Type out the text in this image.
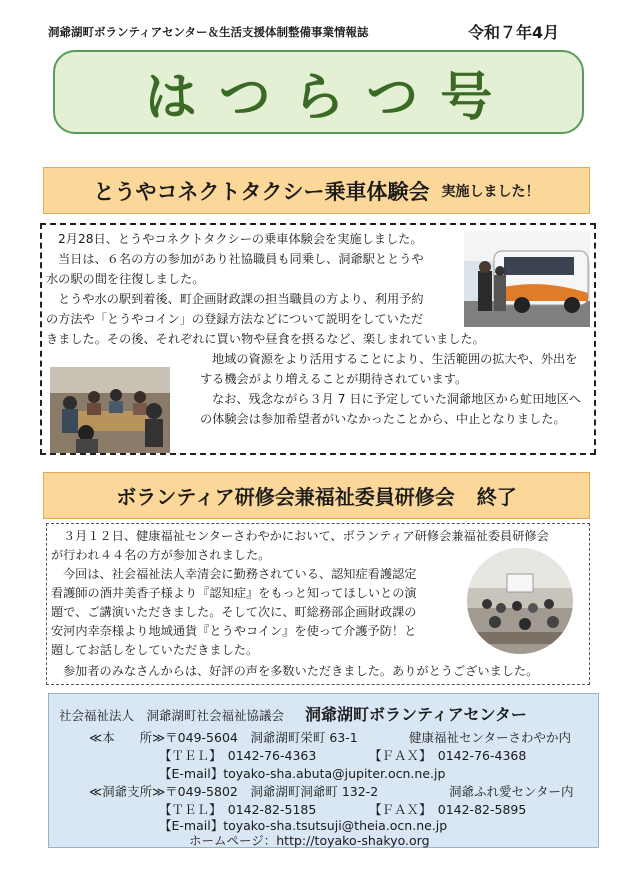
洞爺湖町ボランティアセンター＆生活支援体制整備事業情報誌	令和７年4月
はつらつ号
とうやコネクトタクシー乗車体験会 実施しました！
2月28日、とうやコネクトタクシーの乗車体験会を実施しました。
当日は、６名の方の参加があり社協職員も同乗し、洞爺駅ととうや
水の駅の間を往復しました。
とうや水の駅到着後、町企画財政課の担当職員の方より、利用予約
の方法や「とうやコイン」の登録方法などについて説明をしていただ
きました。その後、それぞれに買い物や昼食を摂るなど、楽しまれていました。
地域の資源をより活用することにより、生活範囲の拡大や、外出を
する機会がより増えることが期待されています。
なお、残念ながら３月 7 日に予定していた洞爺地区から虻田地区へ
の体験会は参加希望者がいなかったことから、中止となりました。
ボランティア研修会兼福祉委員研修会 終了
３月１２日、健康福祉センターさわやかにおいて、ボランティア研修会兼福祉委員研修会
が行われ４４名の方が参加されました。
今回は、社会福祉法人幸清会に勤務されている、認知症看護認定
看護師の酒井美香子様より『認知症』をもっと知ってほしいとの演
題で、ご講演いただきました。そして次に、町総務部企画財政課の
安河内幸奈様より地域通貨『とうやコイン』を使って介護予防！と
題してお話しをしていただきました。
参加者のみなさんからは、好評の声を多数いただきました。ありがとうございました。
社会福祉法人　洞爺湖町社会福祉協議会 洞爺湖町ボランティアセンター
≪本　　所≫〒049-5604　洞爺湖町栄町 63-1	健康福祉センターさわやか内
【ＴＥＬ】　0142-76-4363	【ＦＡＸ】　0142-76-4368
【E-mail】toyako-sha.abuta@jupiter.ocn.ne.jp
≪洞爺支所≫〒049-5802　洞爺湖町洞爺町 132-2	洞爺ふれ愛センター内
【ＴＥＬ】　0142-82-5185	【ＦＡＸ】　0142-82-5895
【E-mail】toyako-sha.tsutsuji@theia.ocn.ne.jp
ホームページ：http://toyako-shakyo.org
